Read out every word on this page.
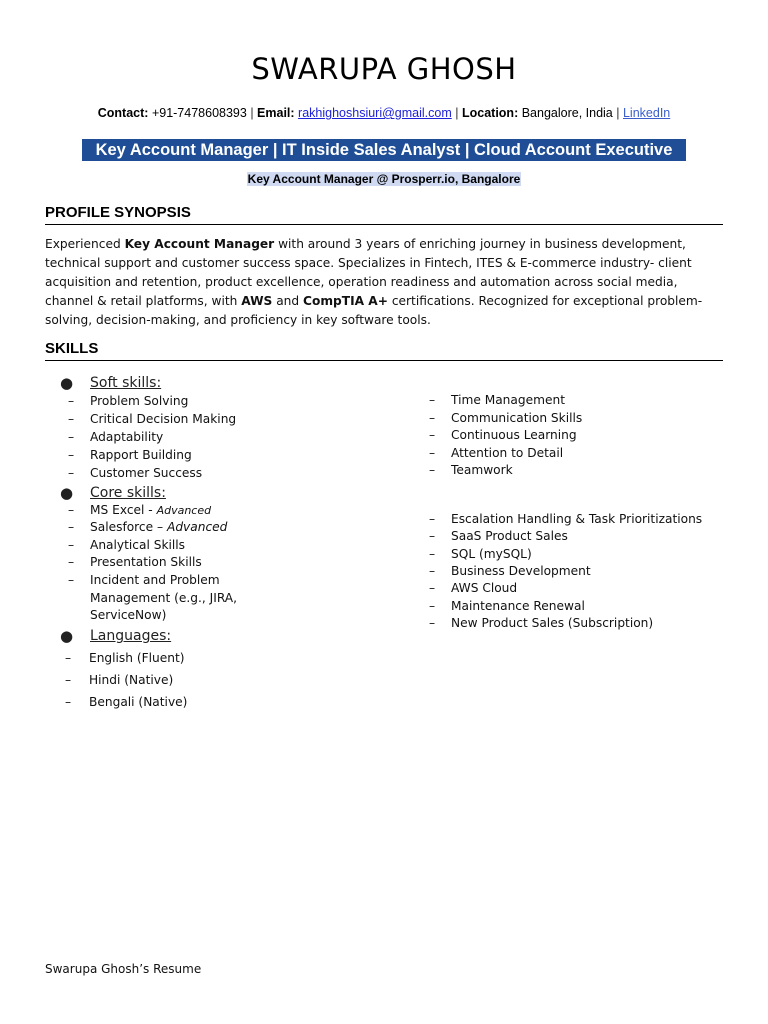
SWARUPA GHOSH
Contact: +91-7478608393 | Email: rakhighoshsiuri@gmail.com | Location: Bangalore, India | LinkedIn
Key Account Manager | IT Inside Sales Analyst | Cloud Account Executive
Key Account Manager @ Prosperr.io, Bangalore
PROFILE SYNOPSIS
Experienced Key Account Manager with around 3 years of enriching journey in business development, technical support and customer success space. Specializes in Fintech, ITES & E-commerce industry- client acquisition and retention, product excellence, operation readiness and automation across social media, channel & retail platforms, with AWS and CompTIA A+ certifications. Recognized for exceptional problem-solving, decision-making, and proficiency in key software tools.
SKILLS
● Soft skills:
– Problem Solving
– Critical Decision Making
– Adaptability
– Rapport Building
– Customer Success
– Time Management
– Communication Skills
– Continuous Learning
– Attention to Detail
– Teamwork
● Core skills:
– MS Excel - Advanced
– Salesforce – Advanced
– Analytical Skills
– Presentation Skills
– Incident and Problem Management (e.g., JIRA, ServiceNow)
– Escalation Handling & Task Prioritizations
– SaaS Product Sales
– SQL (mySQL)
– Business Development
– AWS Cloud
– Maintenance Renewal
– New Product Sales (Subscription)
● Languages:
– English (Fluent)
– Hindi (Native)
– Bengali (Native)
Swarupa Ghosh’s Resume
